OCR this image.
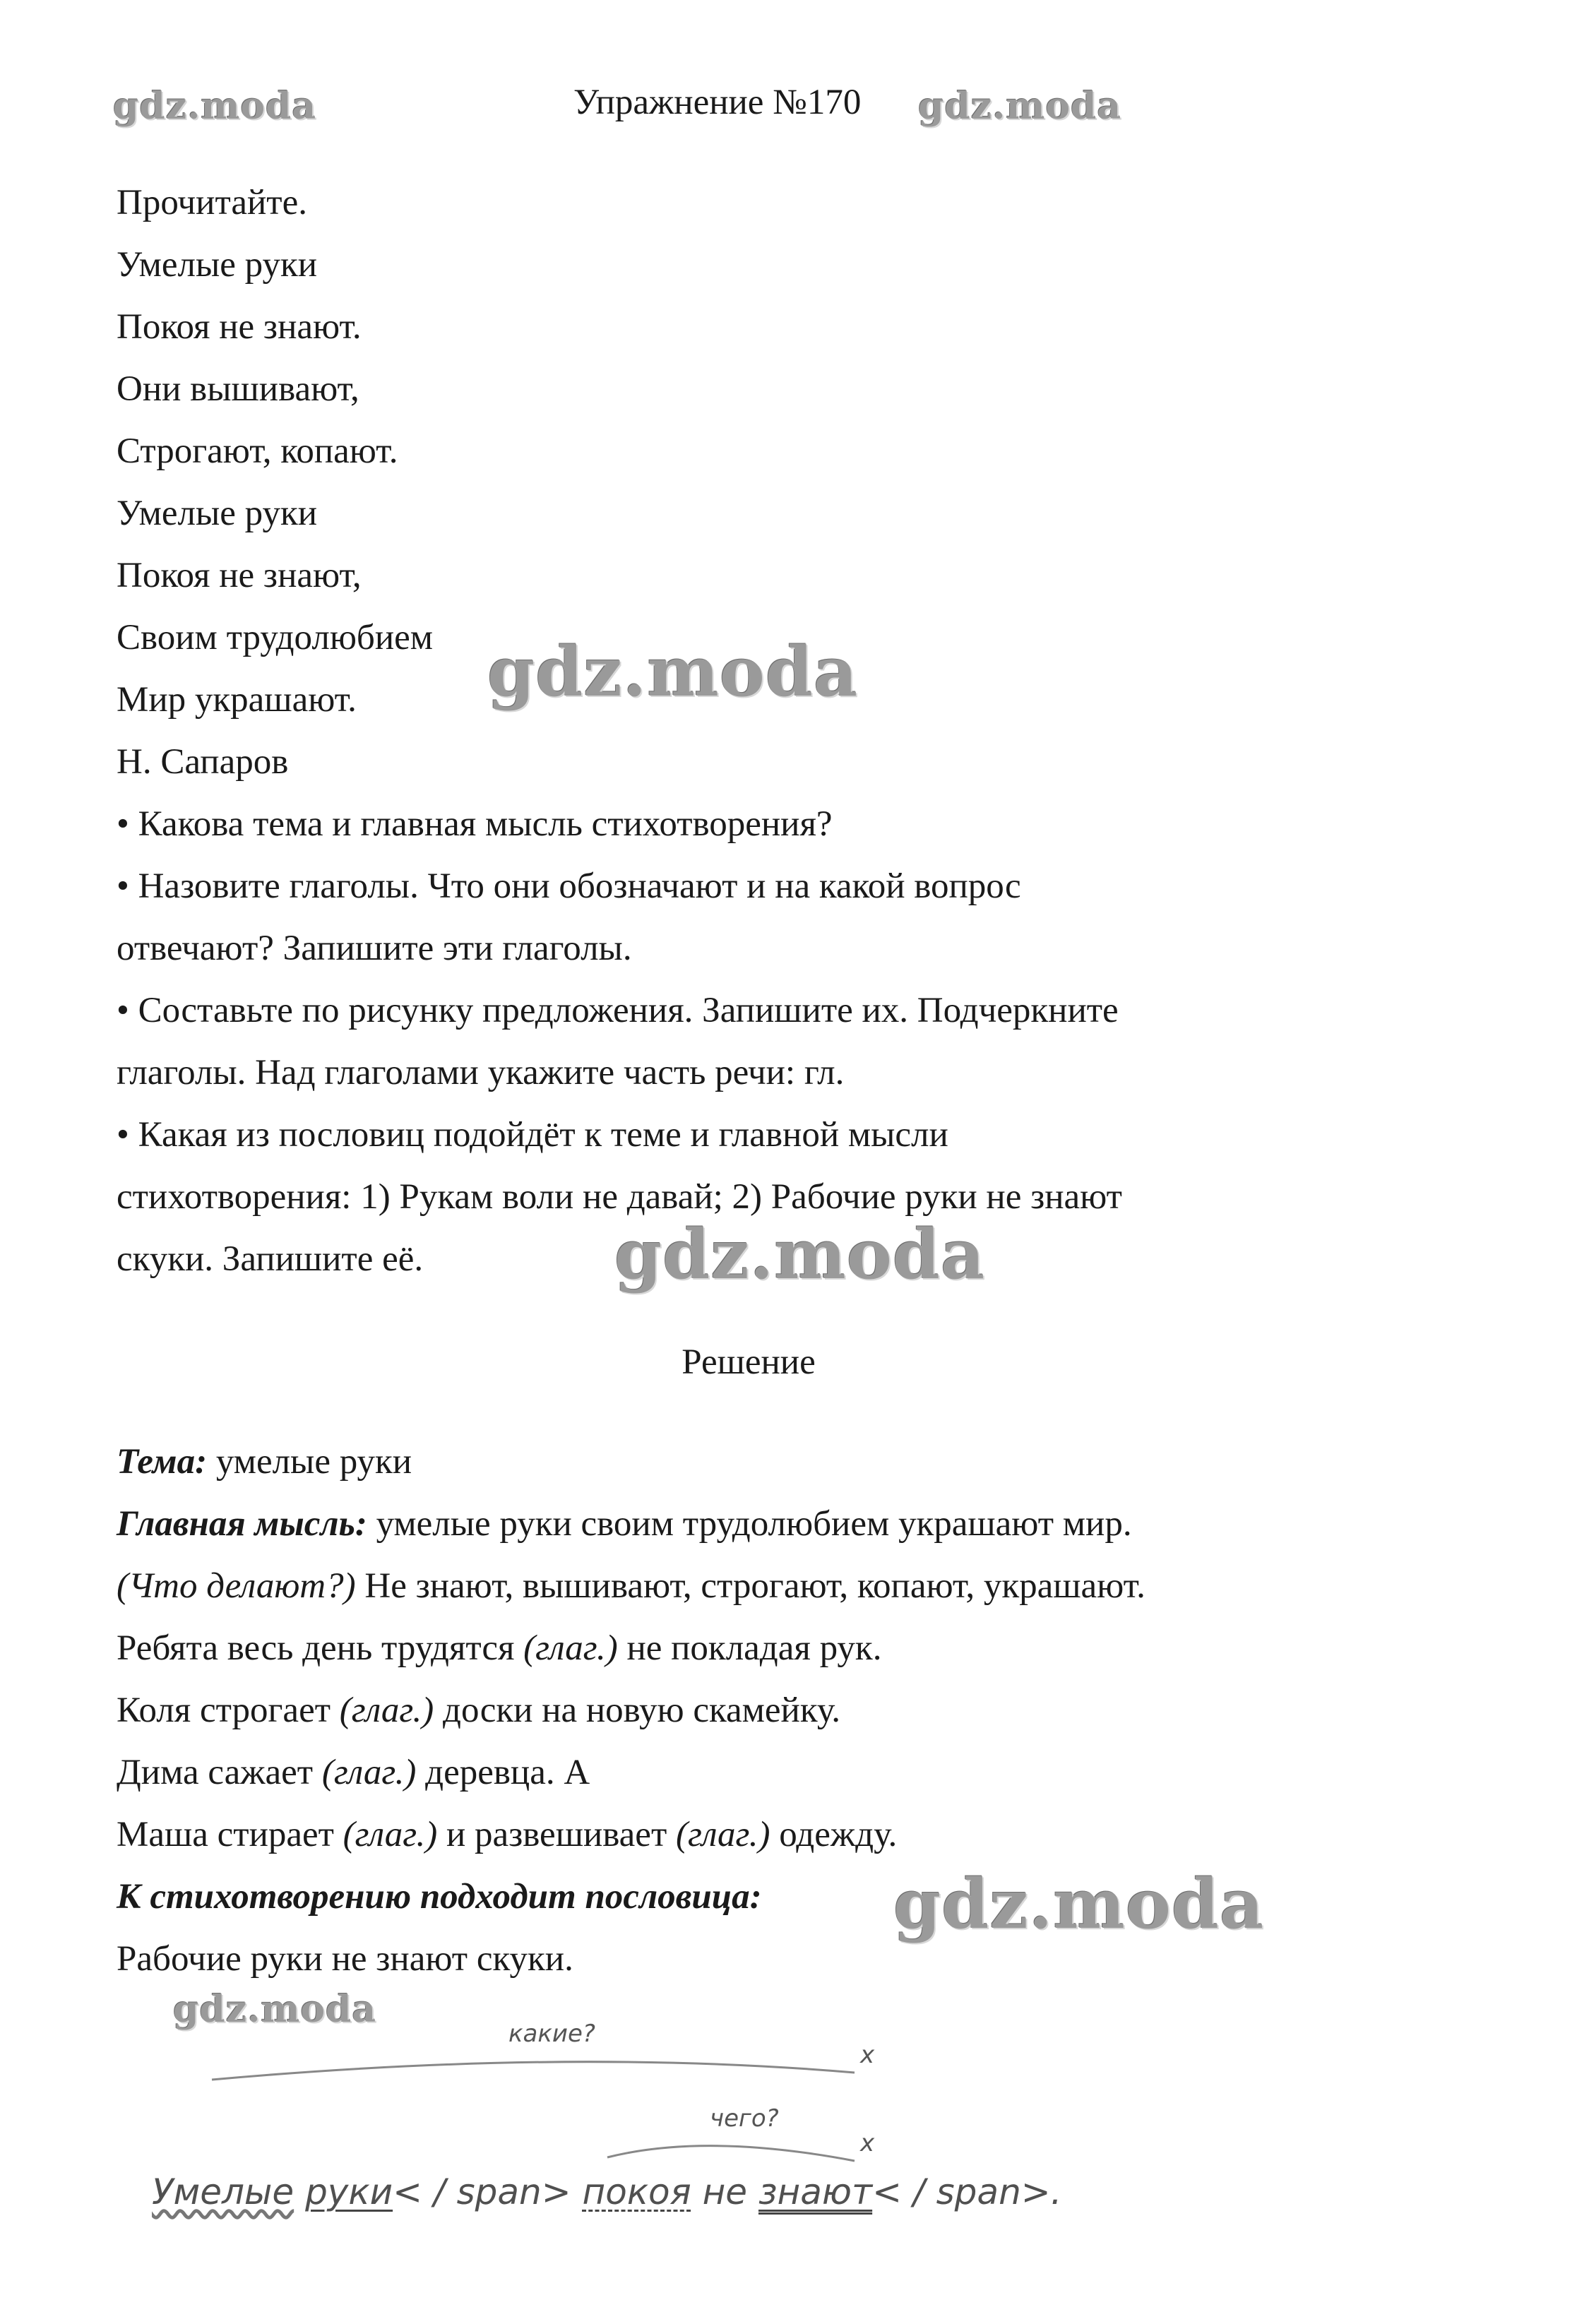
gdz.moda	gdz.moda
gdz.moda
gdz.moda
gdz.moda
gdz.moda
Упражнение №170
Прочитайте.
Умелые руки
Покоя не знают.
Они вышивают,
Строгают, копают.
Умелые руки
Покоя не знают,
Своим трудолюбием
Мир украшают.
Н. Сапаров
• Какова тема и главная мысль стихотворения?
• Назовите глаголы. Что они обозначают и на какой вопрос
отвечают? Запишите эти глаголы.
• Составьте по рисунку предложения. Запишите их. Подчеркните
глаголы. Над глаголами укажите часть речи: гл.
• Какая из пословиц подойдёт к теме и главной мысли
стихотворения: 1) Рукам воли не давай; 2) Рабочие руки не знают
скуки. Запишите её.
Решение
Тема: умелые руки
Главная мысль: умелые руки своим трудолюбием украшают мир.
(Что делают?) Не знают, вышивают, строгают, копают, украшают.
Ребята весь день трудятся (глаг.) не покладая рук.
Коля строгает (глаг.) доски на новую скамейку.
Дима сажает (глаг.) деревца. А
Маша стирает (глаг.) и развешивает (глаг.) одежду.
К стихотворению подходит пословица:
Рабочие руки не знают скуки.
какие?
x
чего?
x
Умелые руки< / span> покоя не знают< / span>.
